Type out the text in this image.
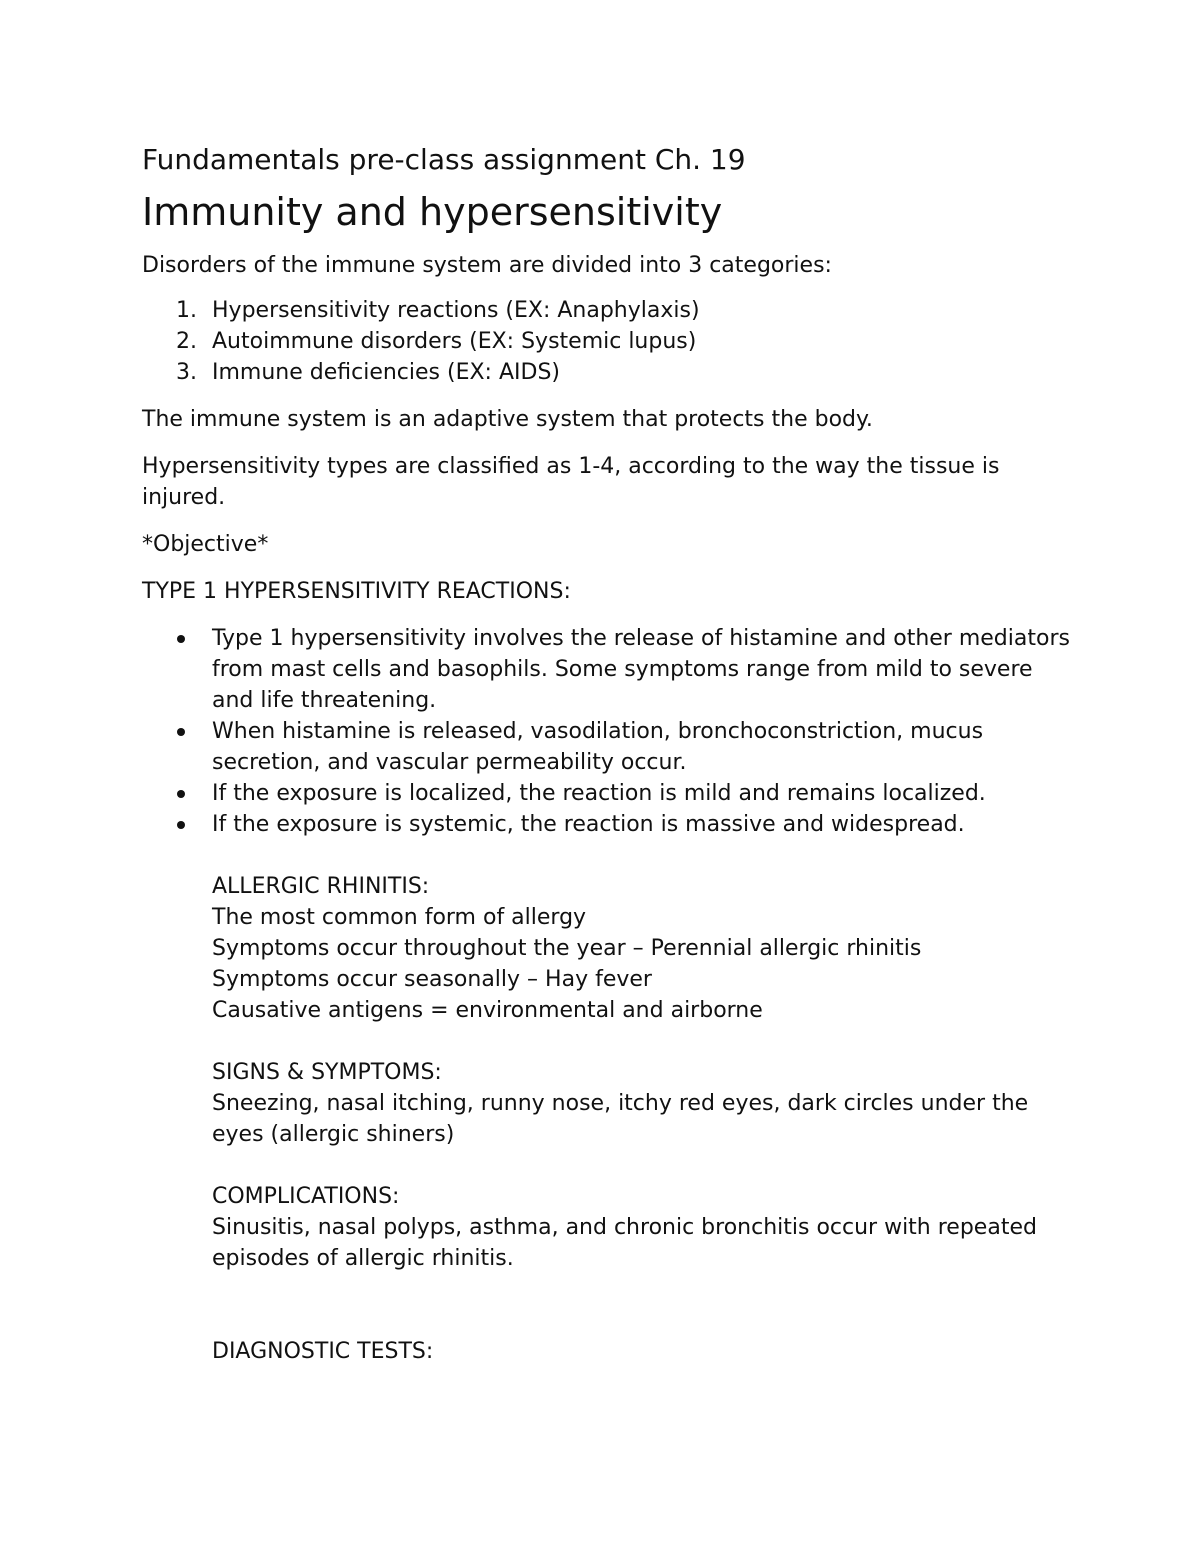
Fundamentals pre-class assignment Ch. 19

Immunity and hypersensitivity

Disorders of the immune system are divided into 3 categories:

1. Hypersensitivity reactions (EX: Anaphylaxis)
2. Autoimmune disorders (EX: Systemic lupus)
3. Immune deficiencies (EX: AIDS)

The immune system is an adaptive system that protects the body.

Hypersensitivity types are classified as 1-4, according to the way the tissue is injured.

*Objective*

TYPE 1 HYPERSENSITIVITY REACTIONS:

Type 1 hypersensitivity involves the release of histamine and other mediators from mast cells and basophils. Some symptoms range from mild to severe and life threatening.
When histamine is released, vasodilation, bronchoconstriction, mucus secretion, and vascular permeability occur.
If the exposure is localized, the reaction is mild and remains localized.
If the exposure is systemic, the reaction is massive and widespread.

ALLERGIC RHINITIS:

The most common form of allergy

Symptoms occur throughout the year – Perennial allergic rhinitis

Symptoms occur seasonally – Hay fever

Causative antigens = environmental and airborne

SIGNS & SYMPTOMS:

Sneezing, nasal itching, runny nose, itchy red eyes, dark circles under the eyes (allergic shiners)

COMPLICATIONS:

Sinusitis, nasal polyps, asthma, and chronic bronchitis occur with repeated episodes of allergic rhinitis.

DIAGNOSTIC TESTS:
